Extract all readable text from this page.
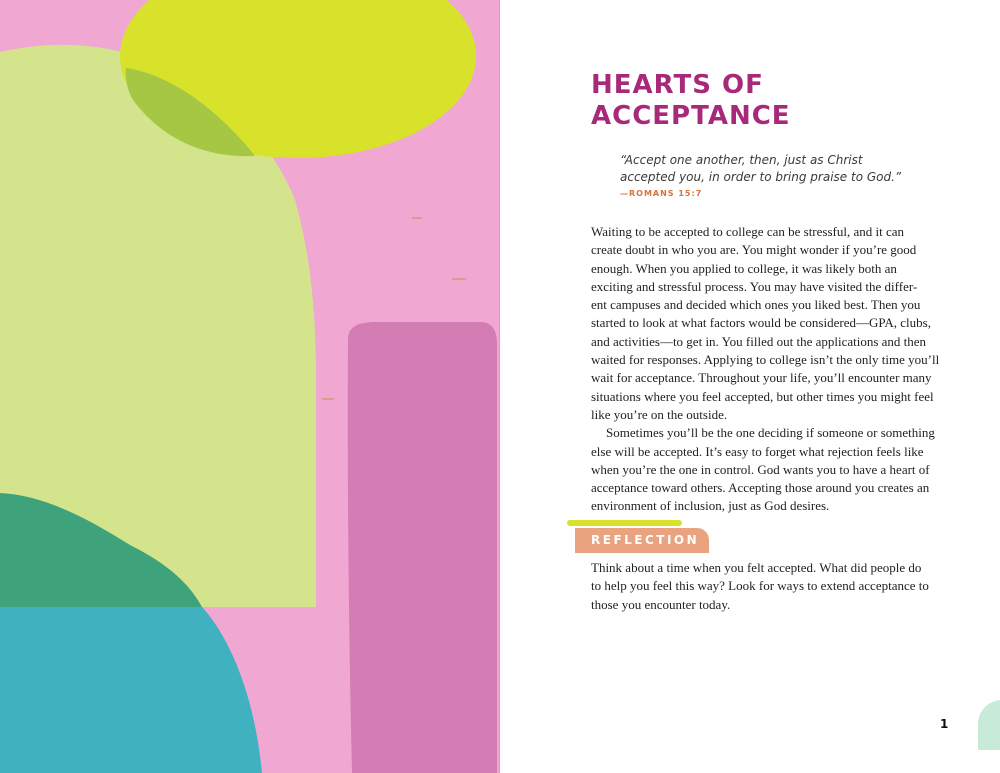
HEARTS OF
ACCEPTANCE

“Accept one another, then, just as Christ
accepted you, in order to bring praise to God.”

—ROMANS 15:7

Waiting to be accepted to college can be stressful, and it can
create doubt in who you are. You might wonder if you’re good
enough. When you applied to college, it was likely both an
exciting and stressful process. You may have visited the differ-
ent campuses and decided which ones you liked best. Then you
started to look at what factors would be considered—GPA, clubs,
and activities—to get in. You filled out the applications and then
waited for responses. Applying to college isn’t the only time you’ll
wait for acceptance. Throughout your life, you’ll encounter many
situations where you feel accepted, but other times you might feel
like you’re on the outside.

Sometimes you’ll be the one deciding if someone or something
else will be accepted. It’s easy to forget what rejection feels like
when you’re the one in control. God wants you to have a heart of
acceptance toward others. Accepting those around you creates an
environment of inclusion, just as God desires.

REFLECTION

Think about a time when you felt accepted. What did people do
to help you feel this way? Look for ways to extend acceptance to
those you encounter today.

1
